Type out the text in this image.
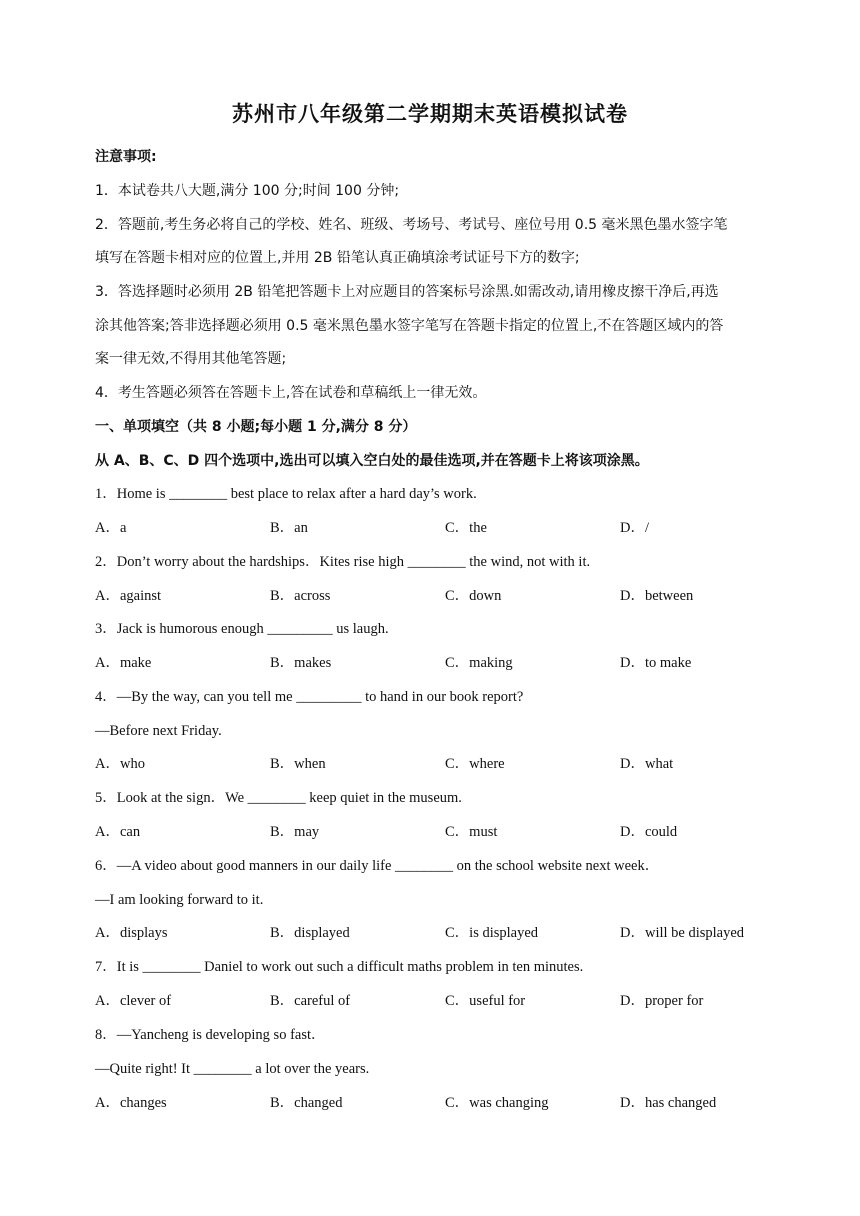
苏州市八年级第二学期期末英语模拟试卷
注意事项:
1．本试卷共八大题,满分 100 分;时间 100 分钟;
2．答题前,考生务必将自己的学校、姓名、班级、考场号、考试号、座位号用 0.5 毫米黑色墨水签字笔
填写在答题卡相对应的位置上,并用 2B 铅笔认真正确填涂考试证号下方的数字;
3．答选择题时必须用 2B 铅笔把答题卡上对应题目的答案标号涂黑.如需改动,请用橡皮擦干净后,再选
涂其他答案;答非选择题必须用 0.5 毫米黑色墨水签字笔写在答题卡指定的位置上,不在答题区域内的答
案一律无效,不得用其他笔答题;
4．考生答题必须答在答题卡上,答在试卷和草稿纸上一律无效。
一、单项填空（共 8 小题;每小题 1 分,满分 8 分）
从 A、B、C、D 四个选项中,选出可以填入空白处的最佳选项,并在答题卡上将该项涂黑。
1．Home is ________ best place to relax after a hard day’s work.
A．a	B．an	C．the	D．/
2．Don’t worry about the hardships．Kites rise high ________ the wind, not with it.
A．against	B．across	C．down	D．between
3．Jack is humorous enough _________ us laugh.
A．make	B．makes	C．making	D．to make
4．—By the way, can you tell me _________ to hand in our book report?
—Before next Friday.
A．who	B．when	C．where	D．what
5．Look at the sign．We ________ keep quiet in the museum.
A．can	B．may	C．must	D．could
6．—A video about good manners in our daily life ________ on the school website next week．
—I am looking forward to it.
A．displays	B．displayed	C．is displayed	D．will be displayed
7．It is ________ Daniel to work out such a difficult maths problem in ten minutes.
A．clever of	B．careful of	C．useful for	D．proper for
8．—Yancheng is developing so fast．
—Quite right! It ________ a lot over the years.
A．changes	B．changed	C．was changing	D．has changed
